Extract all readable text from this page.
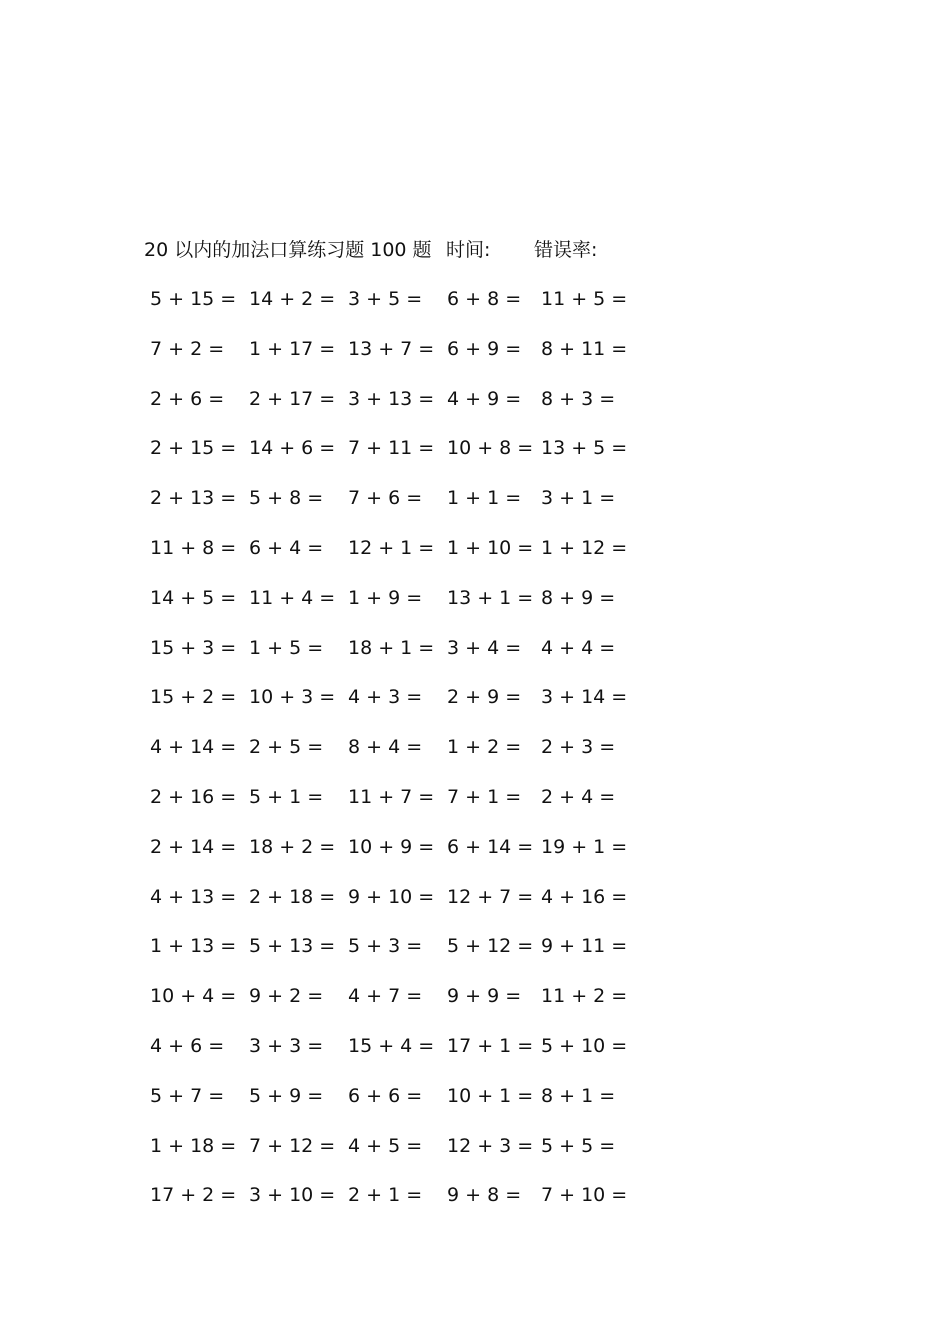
20 以内的加法口算练习题 100 题 时间: 错误率:
5 + 15 = 14 + 2 = 3 + 5 = 6 + 8 = 11 + 5 =
7 + 2 = 1 + 17 = 13 + 7 = 6 + 9 = 8 + 11 =
2 + 6 = 2 + 17 = 3 + 13 = 4 + 9 = 8 + 3 =
2 + 15 = 14 + 6 = 7 + 11 = 10 + 8 = 13 + 5 =
2 + 13 = 5 + 8 = 7 + 6 = 1 + 1 = 3 + 1 =
11 + 8 = 6 + 4 = 12 + 1 = 1 + 10 = 1 + 12 =
14 + 5 = 11 + 4 = 1 + 9 = 13 + 1 = 8 + 9 =
15 + 3 = 1 + 5 = 18 + 1 = 3 + 4 = 4 + 4 =
15 + 2 = 10 + 3 = 4 + 3 = 2 + 9 = 3 + 14 =
4 + 14 = 2 + 5 = 8 + 4 = 1 + 2 = 2 + 3 =
2 + 16 = 5 + 1 = 11 + 7 = 7 + 1 = 2 + 4 =
2 + 14 = 18 + 2 = 10 + 9 = 6 + 14 = 19 + 1 =
4 + 13 = 2 + 18 = 9 + 10 = 12 + 7 = 4 + 16 =
1 + 13 = 5 + 13 = 5 + 3 = 5 + 12 = 9 + 11 =
10 + 4 = 9 + 2 = 4 + 7 = 9 + 9 = 11 + 2 =
4 + 6 = 3 + 3 = 15 + 4 = 17 + 1 = 5 + 10 =
5 + 7 = 5 + 9 = 6 + 6 = 10 + 1 = 8 + 1 =
1 + 18 = 7 + 12 = 4 + 5 = 12 + 3 = 5 + 5 =
17 + 2 = 3 + 10 = 2 + 1 = 9 + 8 = 7 + 10 =
